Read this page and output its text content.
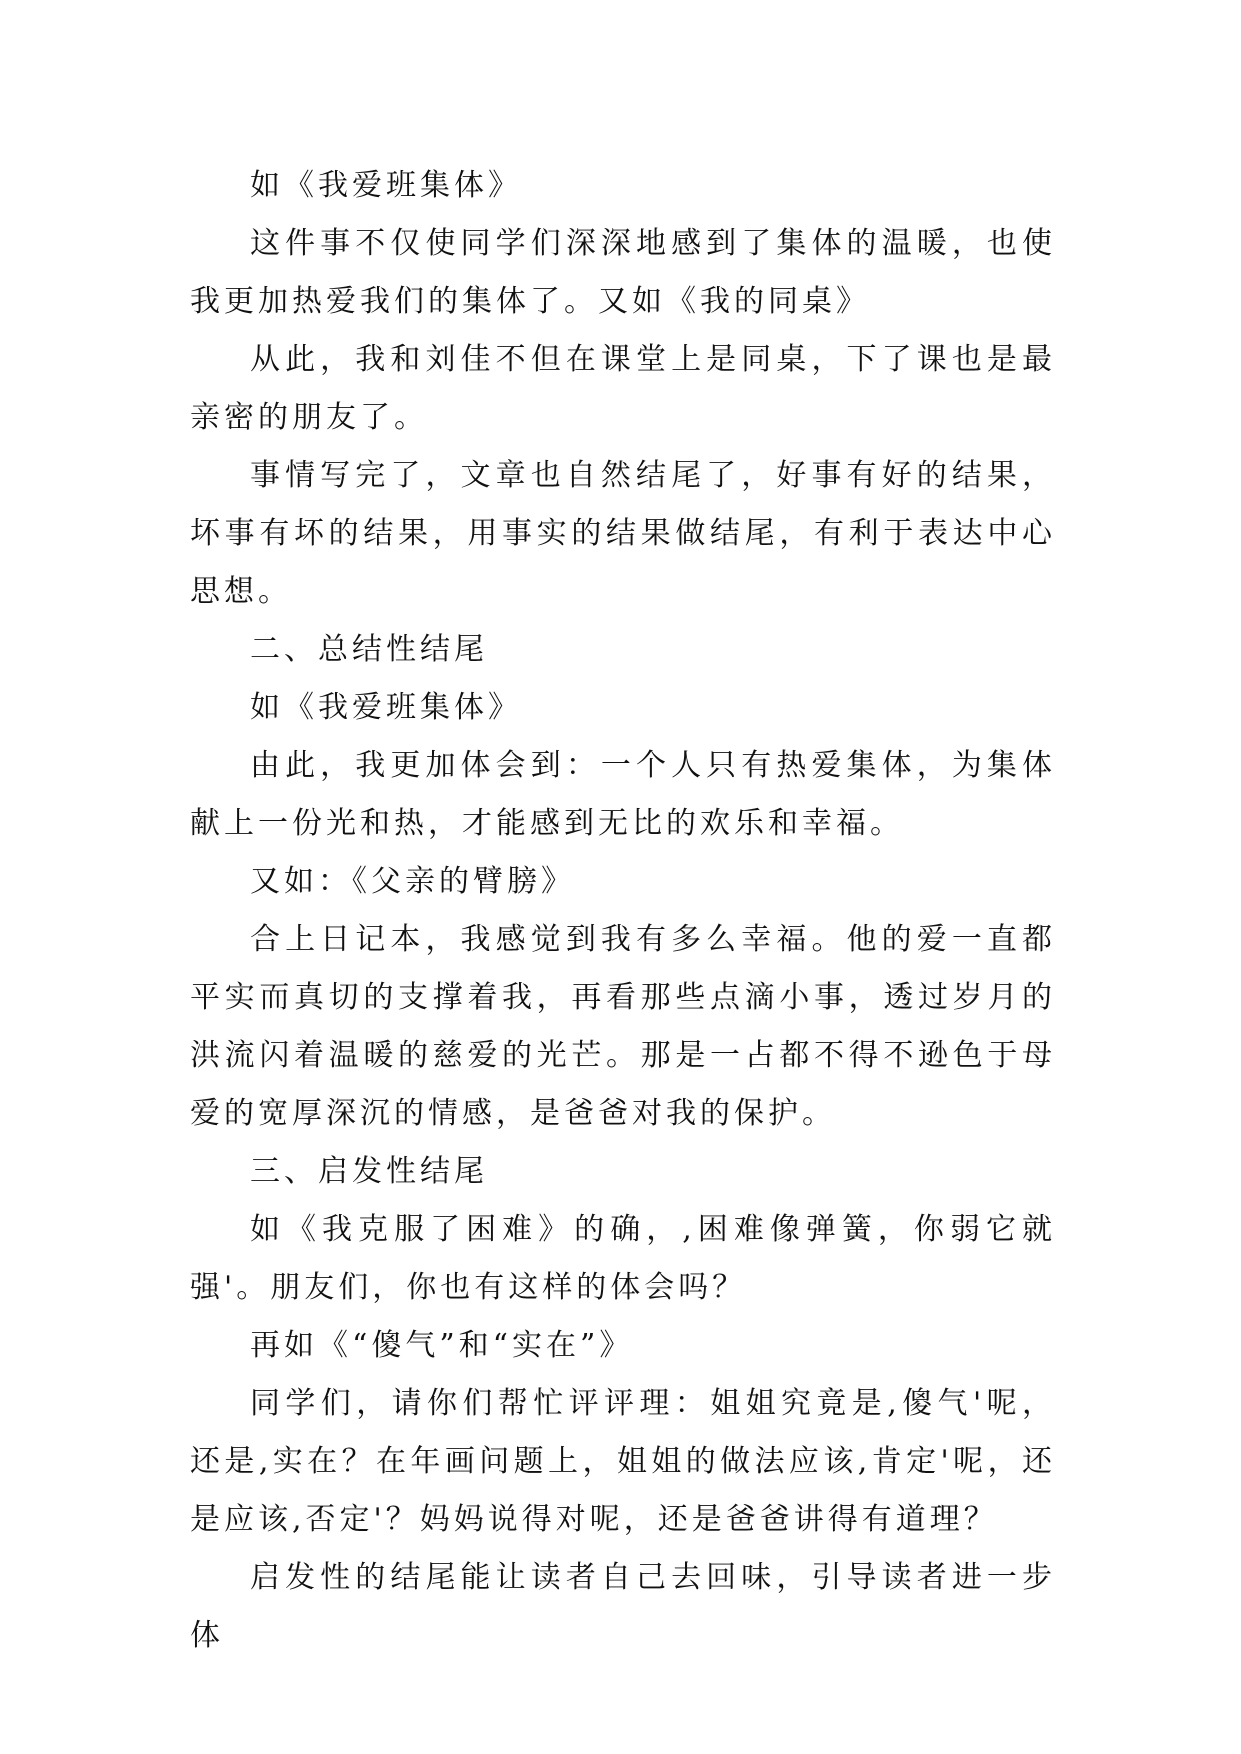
如《我爱班集体》

这件事不仅使同学们深深地感到了集体的温暖，也使我更加热爱我们的集体了。又如《我的同桌》

从此，我和刘佳不但在课堂上是同桌，下了课也是最亲密的朋友了。

事情写完了，文章也自然结尾了，好事有好的结果，坏事有坏的结果，用事实的结果做结尾，有利于表达中心思想。

二、总结性结尾

如《我爱班集体》

由此，我更加体会到：一个人只有热爱集体，为集体献上一份光和热，才能感到无比的欢乐和幸福。

又如：《父亲的臂膀》

合上日记本，我感觉到我有多么幸福。他的爱一直都平实而真切的支撑着我，再看那些点滴小事，透过岁月的洪流闪着温暖的慈爱的光芒。那是一占都不得不逊色于母爱的宽厚深沉的情感，是爸爸对我的保护。

三、启发性结尾

如《我克服了困难》的确，,困难像弹簧，你弱它就强'。朋友们，你也有这样的体会吗？

再如《“傻气”和“实在”》

同学们，请你们帮忙评评理：姐姐究竟是,傻气'呢，还是,实在？在年画问题上，姐姐的做法应该,肯定'呢，还是应该,否定'？妈妈说得对呢，还是爸爸讲得有道理？

启发性的结尾能让读者自己去回味，引导读者进一步体
